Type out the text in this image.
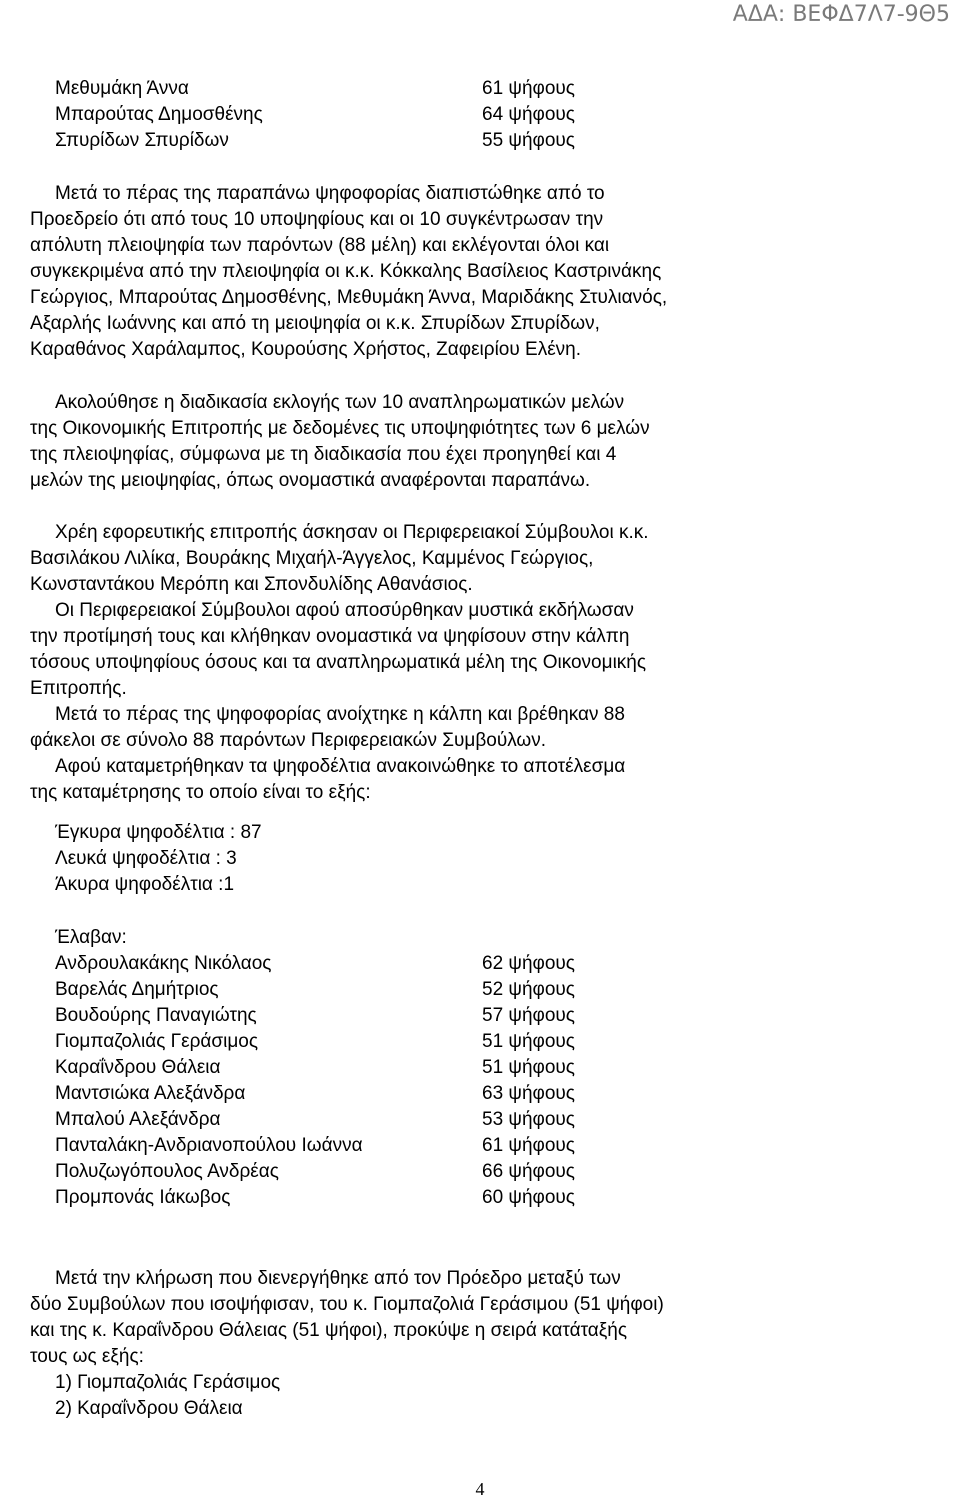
ΑΔΑ: ΒΕΦΔ7Λ7-9Θ5
Μεθυμάκη Άννα	61 ψήφους
Μπαρούτας Δημοσθένης	64 ψήφους
Σπυρίδων Σπυρίδων	55 ψήφους

Μετά το πέρας της παραπάνω ψηφοφορίας διαπιστώθηκε από το

Προεδρείο ότι από τους 10 υποψηφίους και οι 10 συγκέντρωσαν την

απόλυτη πλειοψηφία των παρόντων (88 μέλη) και εκλέγονται όλοι και

συγκεκριμένα από την πλειοψηφία οι κ.κ. Κόκκαλης Βασίλειος Καστρινάκης

Γεώργιος, Μπαρούτας Δημοσθένης, Μεθυμάκη Άννα, Μαριδάκης Στυλιανός,

Αξαρλής Ιωάννης και από τη μειοψηφία οι κ.κ. Σπυρίδων Σπυρίδων,

Καραθάνος Χαράλαμπος, Κουρούσης Χρήστος, Ζαφειρίου Ελένη.

Ακολούθησε η διαδικασία εκλογής των 10 αναπληρωματικών μελών

της Οικονομικής Επιτροπής με δεδομένες τις υποψηφιότητες των 6 μελών

της πλειοψηφίας, σύμφωνα με τη διαδικασία που έχει προηγηθεί και 4

μελών της μειοψηφίας, όπως ονομαστικά αναφέρονται παραπάνω.

Χρέη εφορευτικής επιτροπής άσκησαν οι Περιφερειακοί Σύμβουλοι κ.κ.

Βασιλάκου Λιλίκα, Βουράκης Μιχαήλ-Άγγελος, Καμμένος Γεώργιος,

Κωνσταντάκου Μερόπη και Σπονδυλίδης Αθανάσιος.

Οι Περιφερειακοί Σύμβουλοι αφού αποσύρθηκαν μυστικά εκδήλωσαν

την προτίμησή τους και κλήθηκαν ονομαστικά να ψηφίσουν στην κάλπη

τόσους υποψηφίους όσους και τα αναπληρωματικά μέλη της Οικονομικής

Επιτροπής.

Μετά το πέρας της ψηφοφορίας ανοίχτηκε η κάλπη και βρέθηκαν 88

φάκελοι σε σύνολο 88 παρόντων Περιφερειακών Συμβούλων.

Αφού καταμετρήθηκαν τα ψηφοδέλτια ανακοινώθηκε το αποτέλεσμα

της καταμέτρησης το οποίο είναι το εξής:

Έγκυρα ψηφοδέλτια : 87
Λευκά ψηφοδέλτια : 3
Άκυρα ψηφοδέλτια :1
Έλαβαν:
Ανδρουλακάκης Νικόλαος	62 ψήφους
Βαρελάς Δημήτριος	52 ψήφους
Βουδούρης Παναγιώτης	57 ψήφους
Γιομπαζολιάς Γεράσιμος	51 ψήφους
Καραΐνδρου Θάλεια	51 ψήφους
Μαντσιώκα Αλεξάνδρα	63 ψήφους
Μπαλού Αλεξάνδρα	53 ψήφους
Πανταλάκη-Ανδριανοπούλου Ιωάννα	61 ψήφους
Πολυζωγόπουλος Ανδρέας	66 ψήφους
Προμπονάς Ιάκωβος	60 ψήφους

Μετά την κλήρωση που διενεργήθηκε από τον Πρόεδρο μεταξύ των

δύο Συμβούλων που ισοψήφισαν, του κ. Γιομπαζολιά Γεράσιμου (51 ψήφοι)

και της κ. Καραΐνδρου Θάλειας (51 ψήφοι), προκύψε η σειρά κατάταξής

τους ως εξής:

1) Γιομπαζολιάς Γεράσιμος
2) Καραΐνδρου Θάλεια
4
